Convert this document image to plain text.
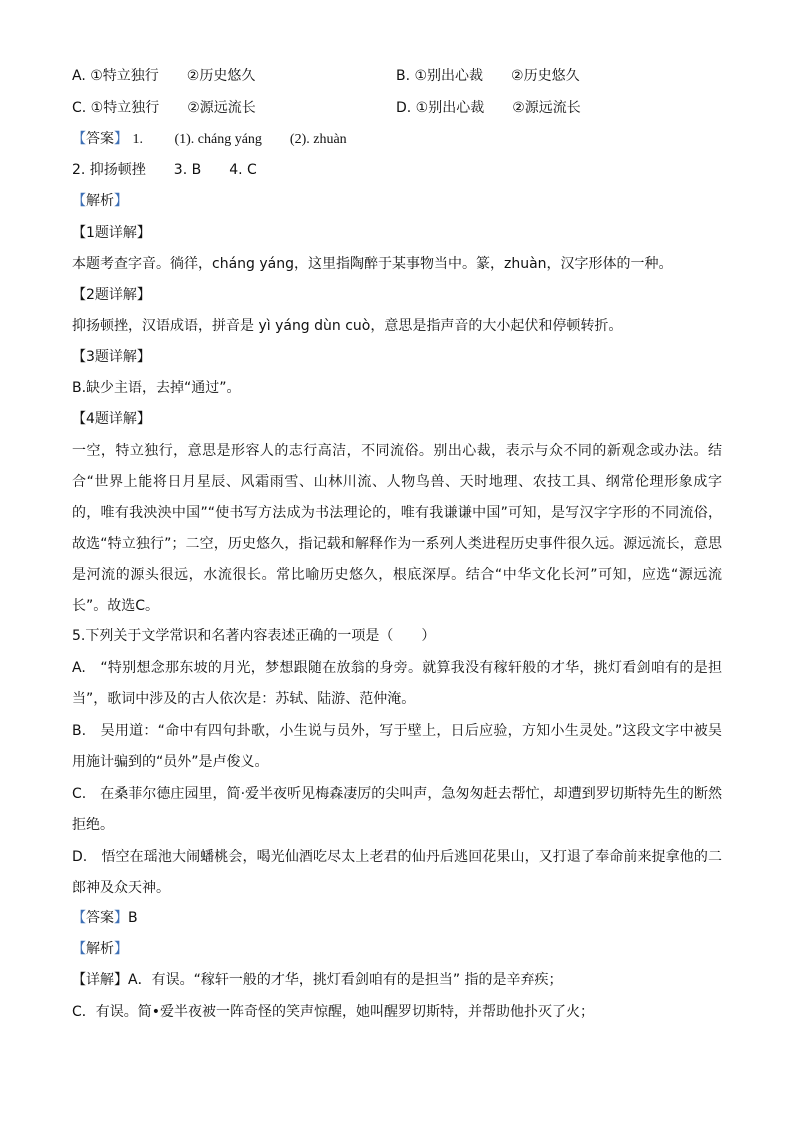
A. ①特立独行　　②历史悠久	B. ①别出心裁　　②历史悠久
C. ①特立独行　　②源远流长	D. ①别出心裁　　②源远流长
【答案】 1.　　 (1). cháng yáng　　(2). zhuàn
2. 抑扬顿挫　　3. B　　4. C
【解析】
【1题详解】
本题考查字音。徜徉，cháng yáng，这里指陶醉于某事物当中。篆，zhuàn，汉字形体的一种。
【2题详解】
抑扬顿挫，汉语成语，拼音是 yì yáng dùn cuò，意思是指声音的大小起伏和停顿转折。
【3题详解】
B.缺少主语，去掉“通过”。
【4题详解】
一空，特立独行，意思是形容人的志行高洁，不同流俗。别出心裁，表示与众不同的新观念或办法。结合“世界上能将日月星辰、风霜雨雪、山林川流、人物鸟兽、天时地理、农技工具、纲常伦理形象成字的，唯有我泱泱中国”“使书写方法成为书法理论的，唯有我谦谦中国”可知，是写汉字字形的不同流俗，故选“特立独行”；二空，历史悠久，指记载和解释作为一系列人类进程历史事件很久远。源远流长，意思是河流的源头很远，水流很长。常比喻历史悠久，根底深厚。结合“中华文化长河”可知，应选“源远流长”。故选C。
5.下列关于文学常识和名著内容表述正确的一项是（　　）
A.　“特别想念那东坡的月光，梦想跟随在放翁的身旁。就算我没有稼轩般的才华，挑灯看剑咱有的是担当”，歌词中涉及的古人依次是：苏轼、陆游、范仲淹。
B.　吴用道：“命中有四句卦歌，小生说与员外，写于壁上，日后应验，方知小生灵处。”这段文字中被吴用施计骗到的“员外”是卢俊义。
C.　在桑菲尔德庄园里，简·爱半夜听见梅森凄厉的尖叫声，急匆匆赶去帮忙，却遭到罗切斯特先生的断然拒绝。
D.　悟空在瑶池大闹蟠桃会，喝光仙酒吃尽太上老君的仙丹后逃回花果山，又打退了奉命前来捉拿他的二郎神及众天神。
【答案】B
【解析】
【详解】A．有误。“稼轩一般的才华，挑灯看剑咱有的是担当” 指的是辛弃疾；
C．有误。简•爱半夜被一阵奇怪的笑声惊醒，她叫醒罗切斯特，并帮助他扑灭了火；
